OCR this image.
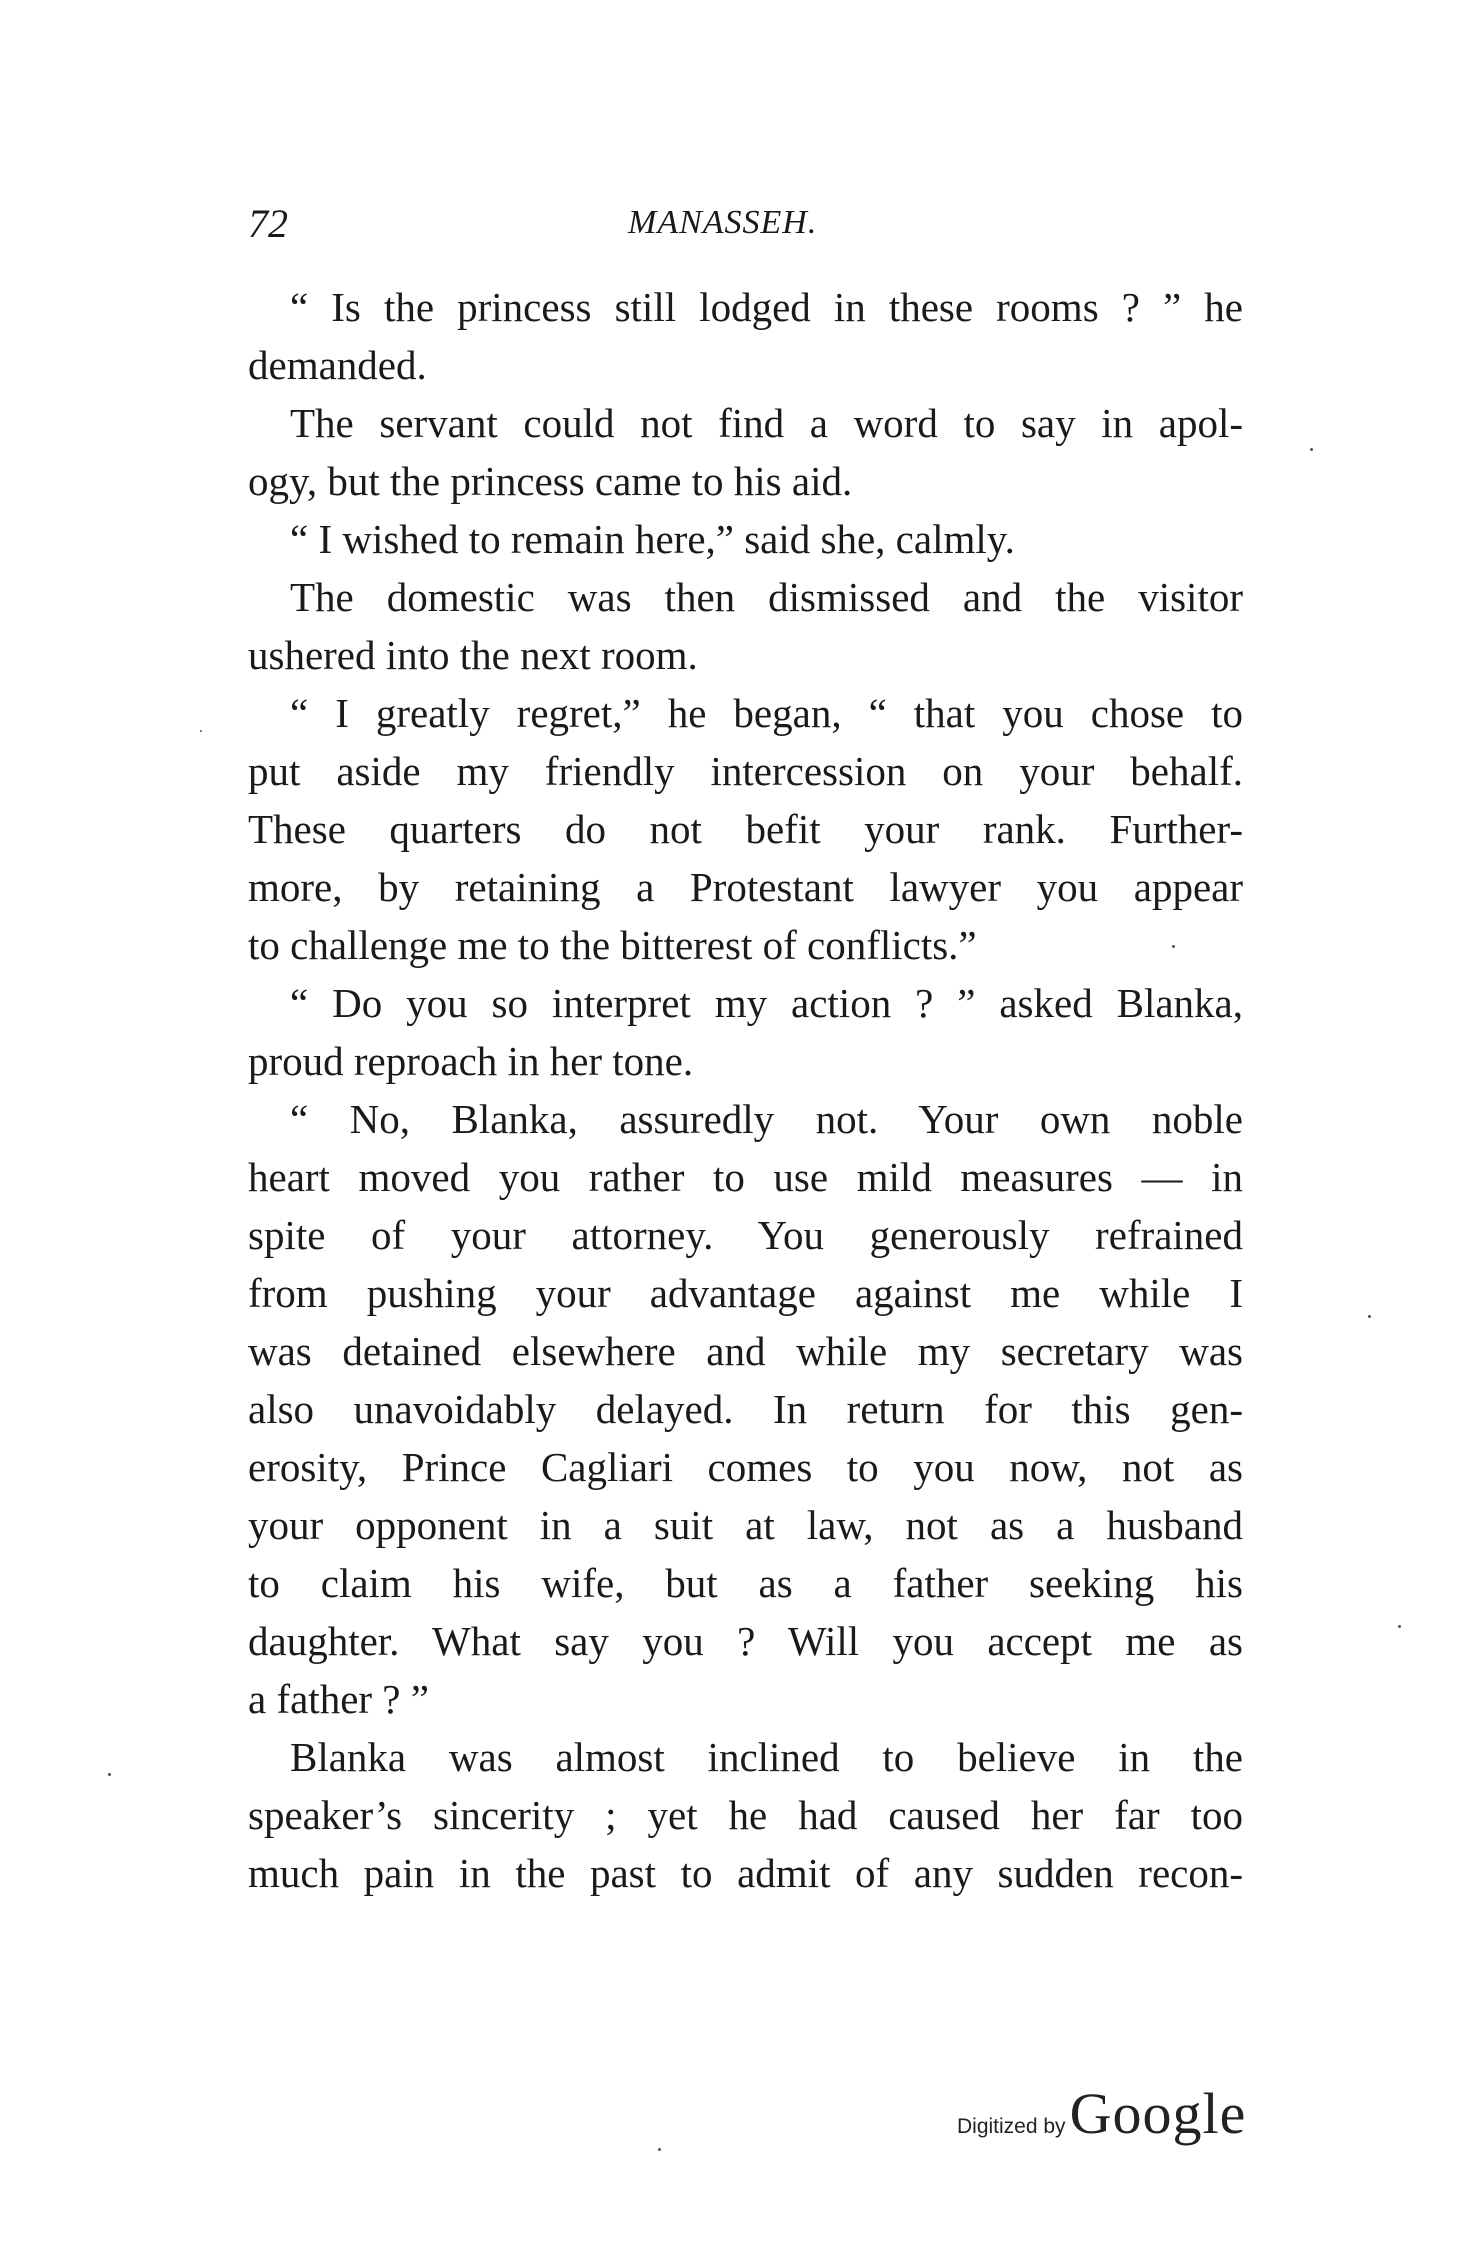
72	MANASSEH.
“ Is the princess still lodged in these rooms ? ” he
demanded.
The servant could not find a word to say in apol-
ogy, but the princess came to his aid.
“ I wished to remain here,” said she, calmly.
The domestic was then dismissed and the visitor
ushered into the next room.
“ I greatly regret,” he began, “ that you chose to
put aside my friendly intercession on your behalf.
These quarters do not befit your rank. Further-
more, by retaining a Protestant lawyer you appear
to challenge me to the bitterest of conflicts.”
“ Do you so interpret my action ? ” asked Blanka,
proud reproach in her tone.
“ No, Blanka, assuredly not. Your own noble
heart moved you rather to use mild measures — in
spite of your attorney. You generously refrained
from pushing your advantage against me while I
was detained elsewhere and while my secretary was
also unavoidably delayed. In return for this gen-
erosity, Prince Cagliari comes to you now, not as
your opponent in a suit at law, not as a husband
to claim his wife, but as a father seeking his
daughter. What say you ? Will you accept me as
a father ? ”
Blanka was almost inclined to believe in the
speaker’s sincerity ; yet he had caused her far too
much pain in the past to admit of any sudden recon-
Digitized by Google
